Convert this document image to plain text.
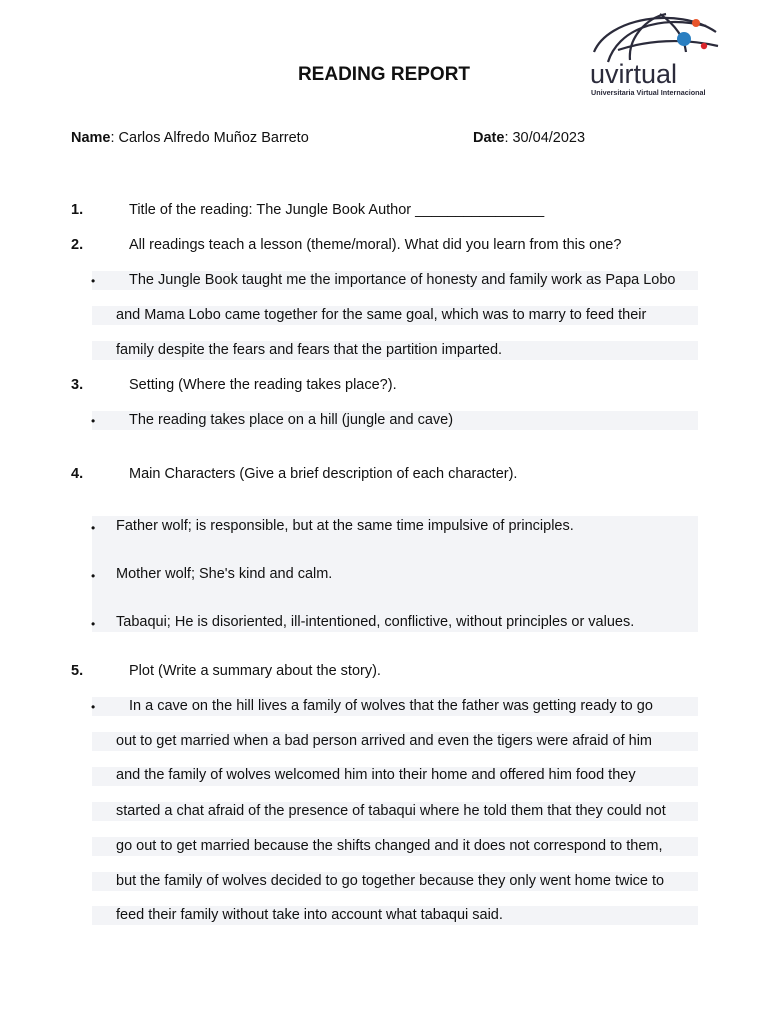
uvirtual
Universitaria Virtual Internacional
READING REPORT
Name: Carlos Alfredo Muñoz Barreto	Date: 30/04/2023
1.	Title of the reading: The Jungle Book Author ________________
2.	All readings teach a lesson (theme/moral). What did you learn from this one?
• The Jungle Book taught me the importance of honesty and family work as Papa Lobo
and Mama Lobo came together for the same goal, which was to marry to feed their
family despite the fears and fears that the partition imparted.
3.	Setting (Where the reading takes place?).
• The reading takes place on a hill (jungle and cave)
4.	Main Characters (Give a brief description of each character).
• Father wolf; is responsible, but at the same time impulsive of principles.
• Mother wolf; She's kind and calm.
• Tabaqui; He is disoriented, ill-intentioned, conflictive, without principles or values.
5.	Plot (Write a summary about the story).
• In a cave on the hill lives a family of wolves that the father was getting ready to go
out to get married when a bad person arrived and even the tigers were afraid of him
and the family of wolves welcomed him into their home and offered him food they
started a chat afraid of the presence of tabaqui where he told them that they could not
go out to get married because the shifts changed and it does not correspond to them,
but the family of wolves decided to go together because they only went home twice to
feed their family without take into account what tabaqui said.
